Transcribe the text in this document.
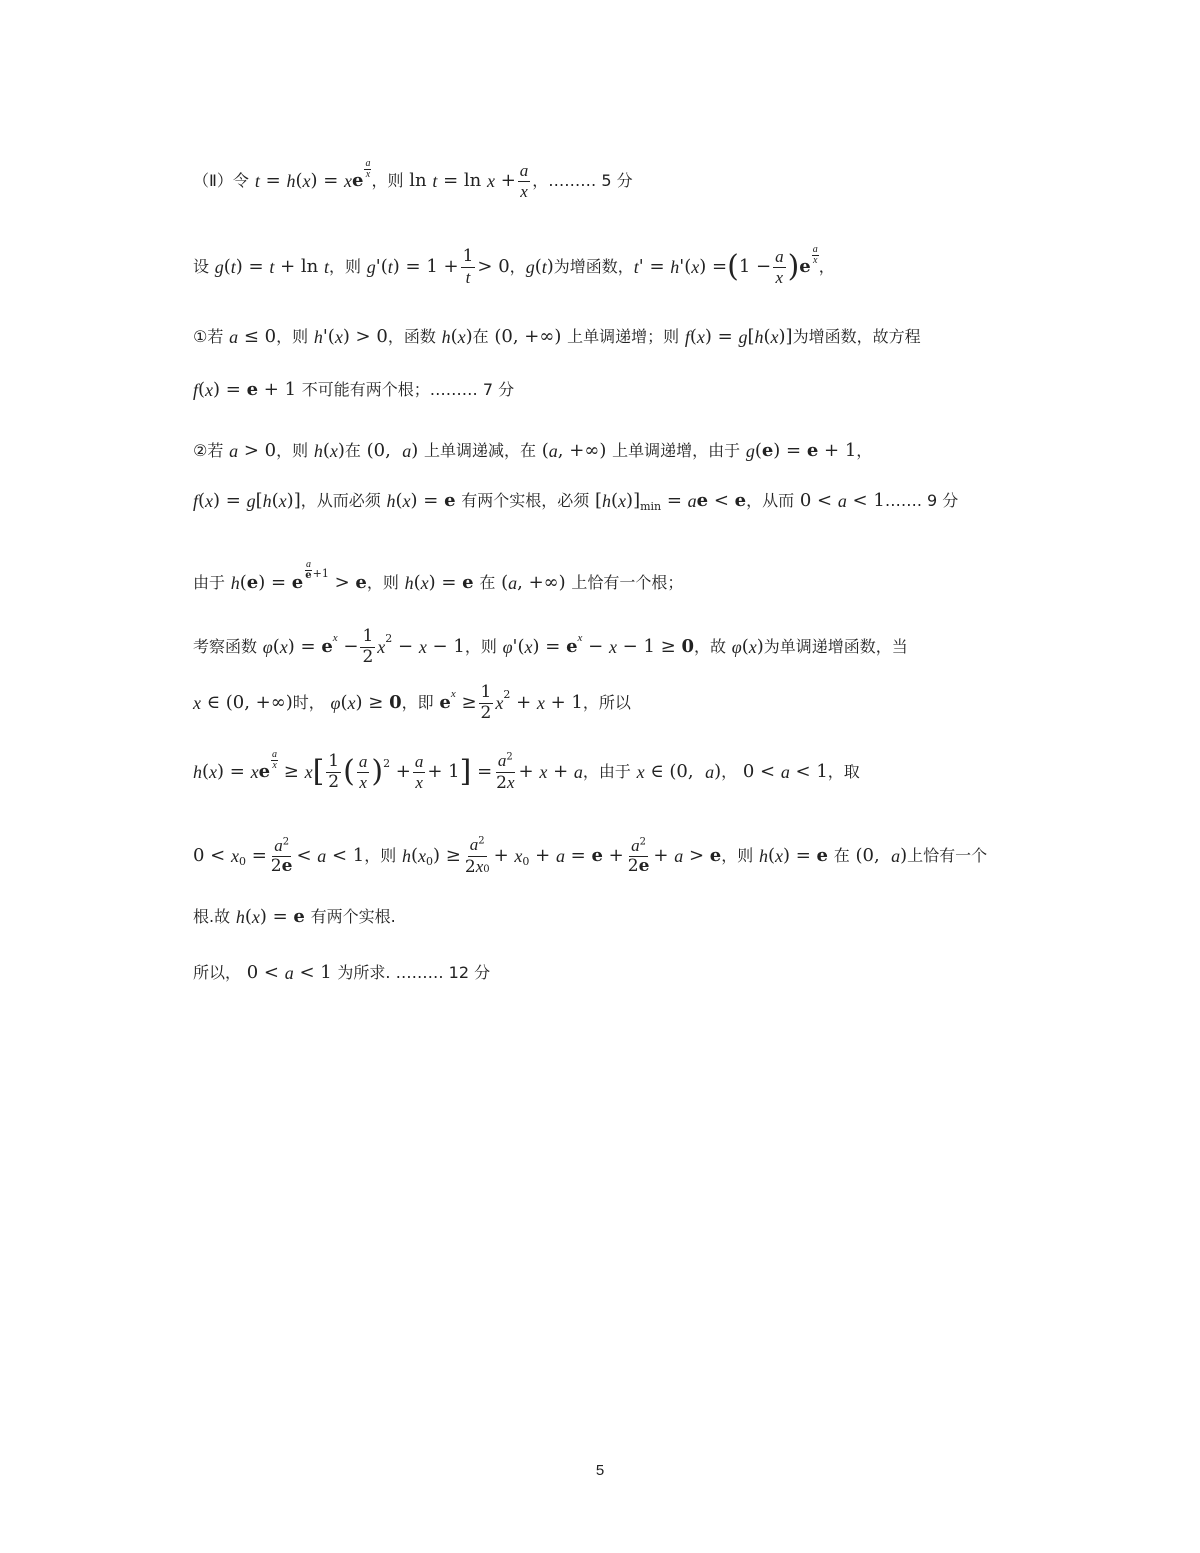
（Ⅱ）令 t = h ( x ) = x e
$\frac{a}{x}$
，则
ln
t = ln
$x + \frac{a}{x}$ ，……… 5 分
设
g ( t ) = t + ln
t ，则
g '( t ) = $1 + \frac{1}{t} > 0$ ， g ( t ) 为增函数， t ' = h '( x ) = ( $1 - \frac{a}{x}$ ) e
$\frac{a}{x}$
，
①若
a ≤ 0 ，则
h '( x ) > 0 ，函数
h ( x ) 在 (0, +∞) 上单调递增；则
f ( x ) = g [ h ( x )] 为增函数，故方程
f ( x ) = e + 1 不可能有两个根；……… 7 分
②若
a > 0 ，则
h ( x ) 在 (0, a ) 上单调递减，在 ( a , +∞) 上单调递增，由于
g ( e ) = e + 1 ，
f ( x ) = g [ h ( x )] ，从而必须
h ( x ) = e
有两个实根，必须 [ h ( x )] min = a e < e ，从而 0 < a < 1 ……. 9 分
由于
h ( e ) = e
$\frac{a}{e} +1 > e$ ，则
h ( x ) = e
在 ( a , +∞) 上恰有一个根；
考察函数
φ ( x ) = e $x - \frac{1}{2}$ x 2 − x − 1 ，则
φ '( x ) = e x − x − 1 ≥ 0 ，故
φ ( x ) 为单调递增函数，当
x ∈ (0, +∞) 时，
φ ( x ) ≥ 0 ，即
e $x \ge \frac{1}{2}$ x 2 + x + 1 ，所以
h ( x ) = x e
$\frac{a}{x}$
≥ x [ $\frac{1}{2}$ ( $\frac{a}{x}$ ) $2 + \frac{a}{x} + 1$ ] = $\frac{a^2}{2x} + x + a$ ，由于
x ∈ (0, a ) ， 0 < a < 1 ，取
0 < x $0 = \frac{a^2}{2e} < a < 1$ ，则
h ( x 0 ) ≥ $\frac{a^2}{2x0} + x$ $0 + a = e + \frac{a^2}{2e} + a > e$ ，则
h ( x ) = e
在 (0, a ) 上恰有一个
根.故
h ( x ) = e
有两个实根.
所以， 0 < a < 1 为所求. ……… 12 分
5
